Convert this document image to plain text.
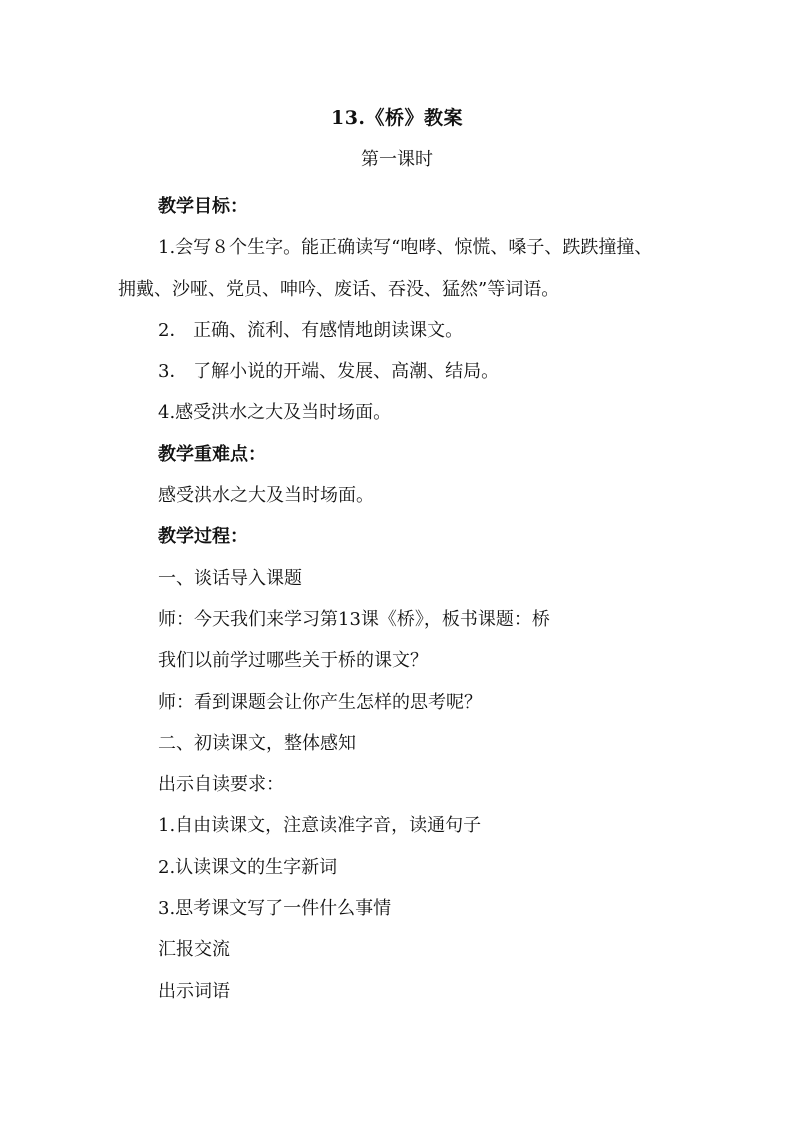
13.《桥》教案
第一课时
教学目标：
1.会写８个生字。能正确读写“咆哮、惊慌、嗓子、跌跌撞撞、
拥戴、沙哑、党员、呻吟、废话、吞没、猛然”等词语。
2． 正确、流利、有感情地朗读课文。
3． 了解小说的开端、发展、高潮、结局。
4.感受洪水之大及当时场面。
教学重难点：
感受洪水之大及当时场面。
教学过程：
一、谈话导入课题
师：今天我们来学习第13课《桥》，板书课题：桥
我们以前学过哪些关于桥的课文？
师：看到课题会让你产生怎样的思考呢？
二、初读课文，整体感知
出示自读要求：
1.自由读课文，注意读准字音，读通句子
2.认读课文的生字新词
3.思考课文写了一件什么事情
汇报交流
出示词语
